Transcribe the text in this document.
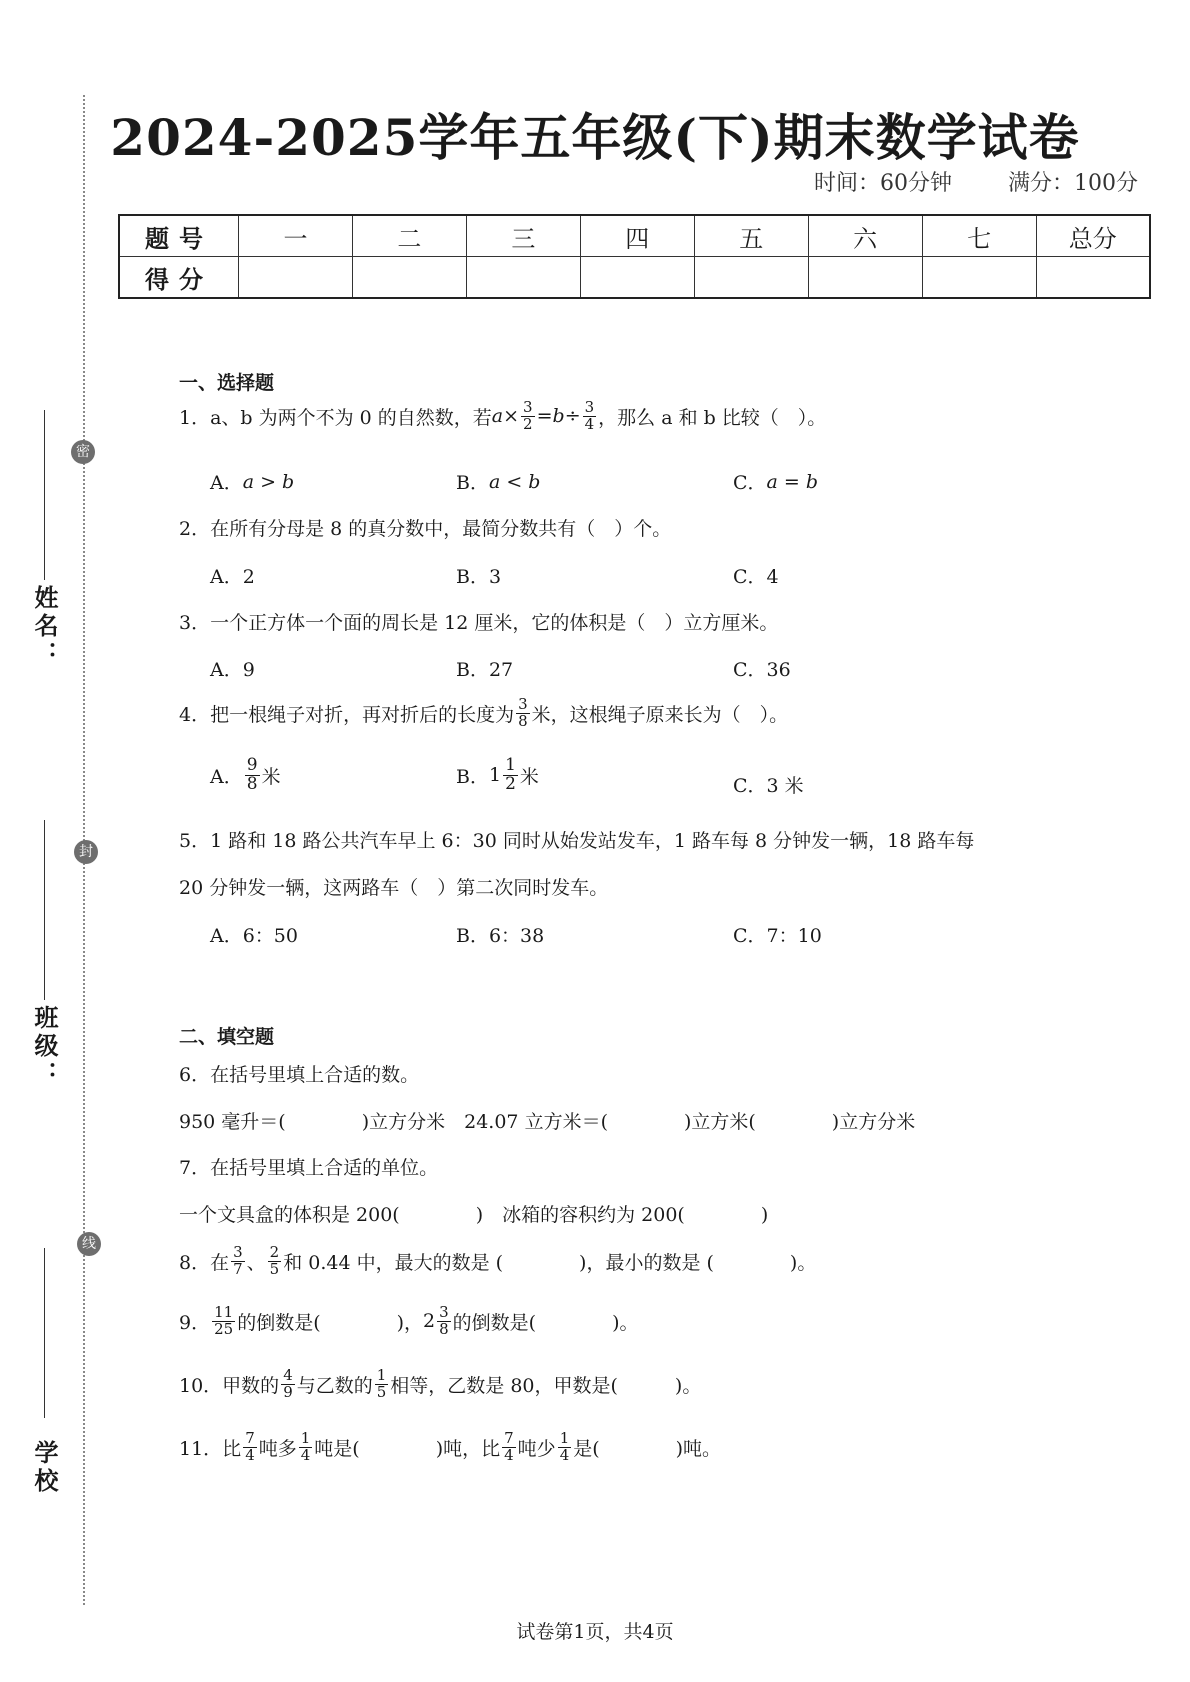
密
封
线
姓名：
班级：
学校
2024-2025学年五年级(下)期末数学试卷
时间：60分钟	满分：100分
题号	一	二	三	四	五	六	七	总分
得分								
一、选择题
1．a、b 为两个不为 0 的自然数，若 $a \times \frac{3}{2} = b \div \frac{3}{4}$ ，那么 a 和 b 比较（　）。
A． a > b	B． a < b	C． a = b
2．在所有分母是 8 的真分数中，最简分数共有（　）个。
A．2	B．3	C．4
3．一个正方体一个面的周长是 12 厘米，它的体积是（　）立方厘米。
A．9	B．27	C．36
4．把一根绳子对折，再对折后的长度为 $\frac{3}{8}$ 米，这根绳子原来长为（　）。
A． $\frac{9}{8}$ 米	B． $1 \frac{1}{2}$ 米	C．3 米
5．1 路和 18 路公共汽车早上 6：30 同时从始发站发车，1 路车每 8 分钟发一辆，18 路车每
20 分钟发一辆，这两路车（　）第二次同时发车。
A．6：50	B．6：38	C．7：10
二、填空题
6．在括号里填上合适的数。
950 毫升＝(　　　　)立方分米　24.07 立方米＝(　　　　)立方米(　　　　)立方分米
7．在括号里填上合适的单位。
一个文具盒的体积是 200(　　　　)　冰箱的容积约为 200(　　　　)
8．在 $\frac{3}{7}$ 、 $\frac{2}{5}$ 和 0.44 中，最大的数是 (　　　　)，最小的数是 (　　　　)。
9． $\frac{11}{25}$ 的倒数是(　　　　)， $2 \frac{3}{8}$ 的倒数是(　　　　)。
10．甲数的 $\frac{4}{9}$ 与乙数的 $\frac{1}{5}$ 相等，乙数是 80，甲数是(　　　)。
11．比 $\frac{7}{4}$ 吨多 $\frac{1}{4}$ 吨是(　　　　)吨，比 $\frac{7}{4}$ 吨少 $\frac{1}{4}$ 是(　　　　)吨。
试卷第1页，共4页
